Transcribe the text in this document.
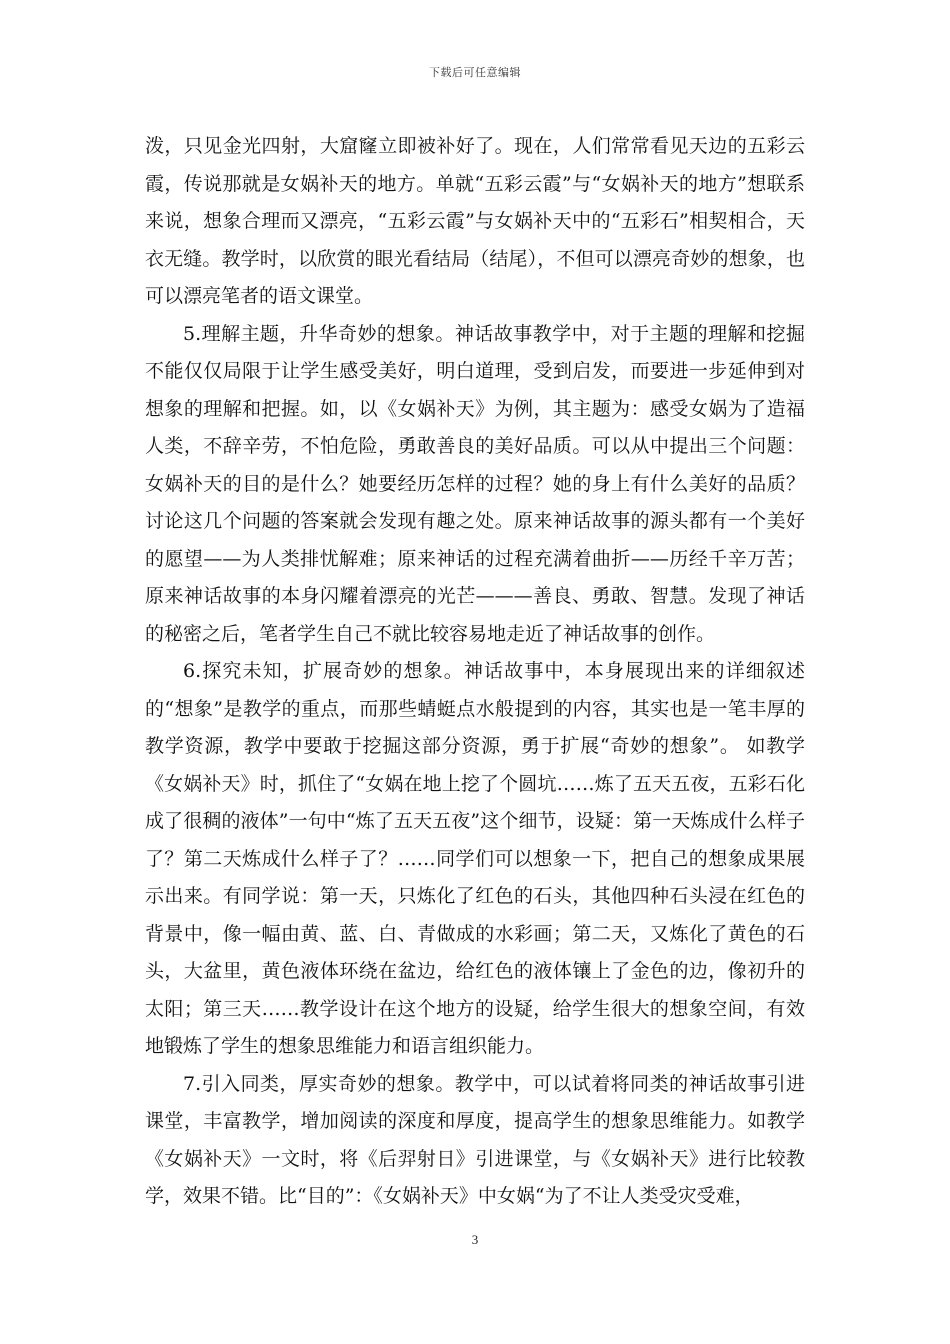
下载后可任意编辑

泼，只见金光四射，大窟窿立即被补好了。现在，人们常常看见天边的五彩云霞，传说那就是女娲补天的地方。单就“五彩云霞”与“女娲补天的地方”想联系来说，想象合理而又漂亮，“五彩云霞”与女娲补天中的“五彩石”相契相合，天衣无缝。教学时，以欣赏的眼光看结局（结尾），不但可以漂亮奇妙的想象，也可以漂亮笔者的语文课堂。

5.理解主题，升华奇妙的想象。神话故事教学中，对于主题的理解和挖掘不能仅仅局限于让学生感受美好，明白道理，受到启发，而要进一步延伸到对想象的理解和把握。如，以《女娲补天》为例，其主题为：感受女娲为了造福人类，不辞辛劳，不怕危险，勇敢善良的美好品质。可以从中提出三个问题：女娲补天的目的是什么？她要经历怎样的过程？她的身上有什么美好的品质？讨论这几个问题的答案就会发现有趣之处。原来神话故事的源头都有一个美好的愿望——为人类排忧解难；原来神话的过程充满着曲折——历经千辛万苦；原来神话故事的本身闪耀着漂亮的光芒———善良、勇敢、智慧。发现了神话的秘密之后，笔者学生自己不就比较容易地走近了神话故事的创作。

6.探究未知，扩展奇妙的想象。神话故事中，本身展现出来的详细叙述的“想象”是教学的重点，而那些蜻蜓点水般提到的内容，其实也是一笔丰厚的教学资源，教学中要敢于挖掘这部分资源，勇于扩展“奇妙的想象”。 如教学《女娲补天》时，抓住了“女娲在地上挖了个圆坑……炼了五天五夜，五彩石化成了很稠的液体”一句中“炼了五天五夜”这个细节，设疑：第一天炼成什么样子了？第二天炼成什么样子了？……同学们可以想象一下，把自己的想象成果展示出来。有同学说：第一天，只炼化了红色的石头，其他四种石头浸在红色的背景中，像一幅由黄、蓝、白、青做成的水彩画；第二天，又炼化了黄色的石头，大盆里，黄色液体环绕在盆边，给红色的液体镶上了金色的边，像初升的太阳；第三天……教学设计在这个地方的设疑，给学生很大的想象空间，有效地锻炼了学生的想象思维能力和语言组织能力。

7.引入同类，厚实奇妙的想象。教学中，可以试着将同类的神话故事引进课堂，丰富教学，增加阅读的深度和厚度，提高学生的想象思维能力。如教学《女娲补天》一文时，将《后羿射日》引进课堂，与《女娲补天》进行比较教学，效果不错。比“目的”：《女娲补天》中女娲“为了不让人类受灾受难，

3
